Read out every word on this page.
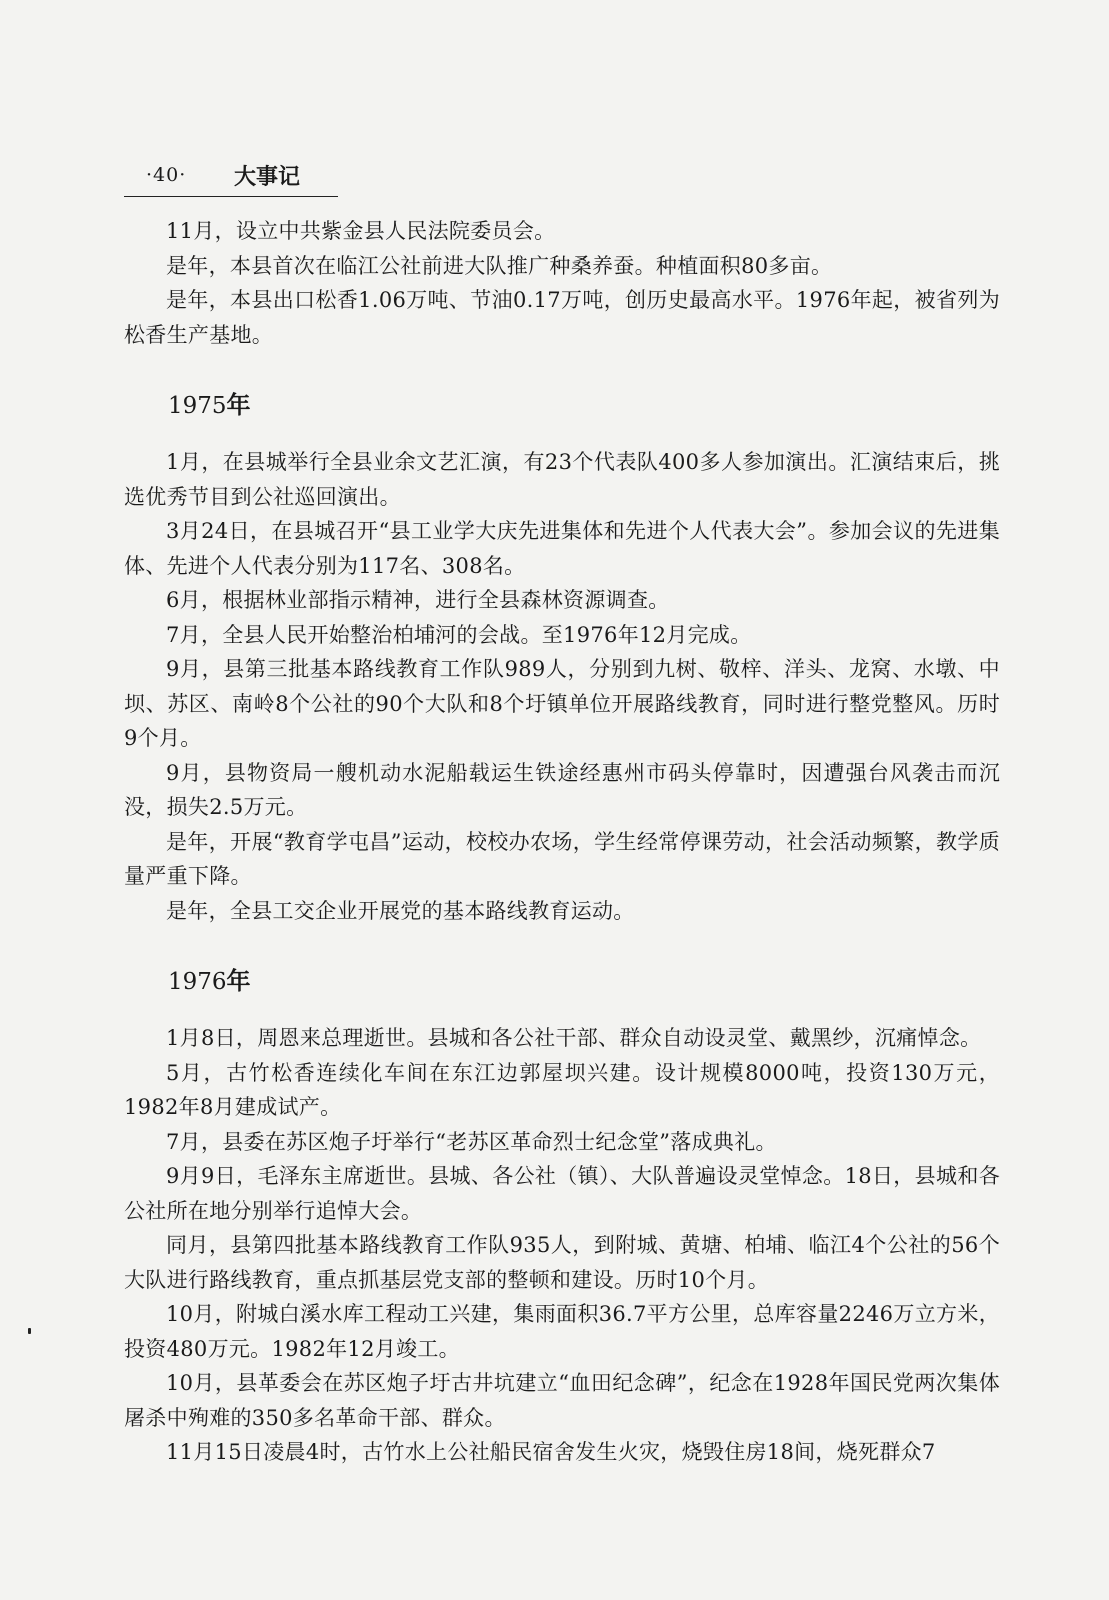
·40· 大事记

11月，设立中共紫金县人民法院委员会。

是年，本县首次在临江公社前进大队推广种桑养蚕。种植面积80多亩。

是年，本县出口松香1.06万吨、节油0.17万吨，创历史最高水平。1976年起，被省列为松香生产基地。

1975年

1月，在县城举行全县业余文艺汇演，有23个代表队400多人参加演出。汇演结束后，挑选优秀节目到公社巡回演出。

3月24日，在县城召开“县工业学大庆先进集体和先进个人代表大会”。参加会议的先进集体、先进个人代表分别为117名、308名。

6月，根据林业部指示精神，进行全县森林资源调查。

7月，全县人民开始整治柏埔河的会战。至1976年12月完成。

9月，县第三批基本路线教育工作队989人，分别到九树、敬梓、洋头、龙窝、水墩、中坝、苏区、南岭8个公社的90个大队和8个圩镇单位开展路线教育，同时进行整党整风。历时9个月。

9月，县物资局一艘机动水泥船载运生铁途经惠州市码头停靠时，因遭强台风袭击而沉没，损失2.5万元。

是年，开展“教育学屯昌”运动，校校办农场，学生经常停课劳动，社会活动频繁，教学质量严重下降。

是年，全县工交企业开展党的基本路线教育运动。

1976年

1月8日，周恩来总理逝世。县城和各公社干部、群众自动设灵堂、戴黑纱，沉痛悼念。

5月，古竹松香连续化车间在东江边郭屋坝兴建。设计规模8000吨，投资130万元，1982年8月建成试产。

7月，县委在苏区炮子圩举行“老苏区革命烈士纪念堂”落成典礼。

9月9日，毛泽东主席逝世。县城、各公社（镇）、大队普遍设灵堂悼念。18日，县城和各公社所在地分别举行追悼大会。

同月，县第四批基本路线教育工作队935人，到附城、黄塘、柏埔、临江4个公社的56个大队进行路线教育，重点抓基层党支部的整顿和建设。历时10个月。

10月，附城白溪水库工程动工兴建，集雨面积36.7平方公里，总库容量2246万立方米，投资480万元。1982年12月竣工。

10月，县革委会在苏区炮子圩古井坑建立“血田纪念碑”，纪念在1928年国民党两次集体屠杀中殉难的350多名革命干部、群众。

11月15日凌晨4时，古竹水上公社船民宿舍发生火灾，烧毁住房18间，烧死群众7
